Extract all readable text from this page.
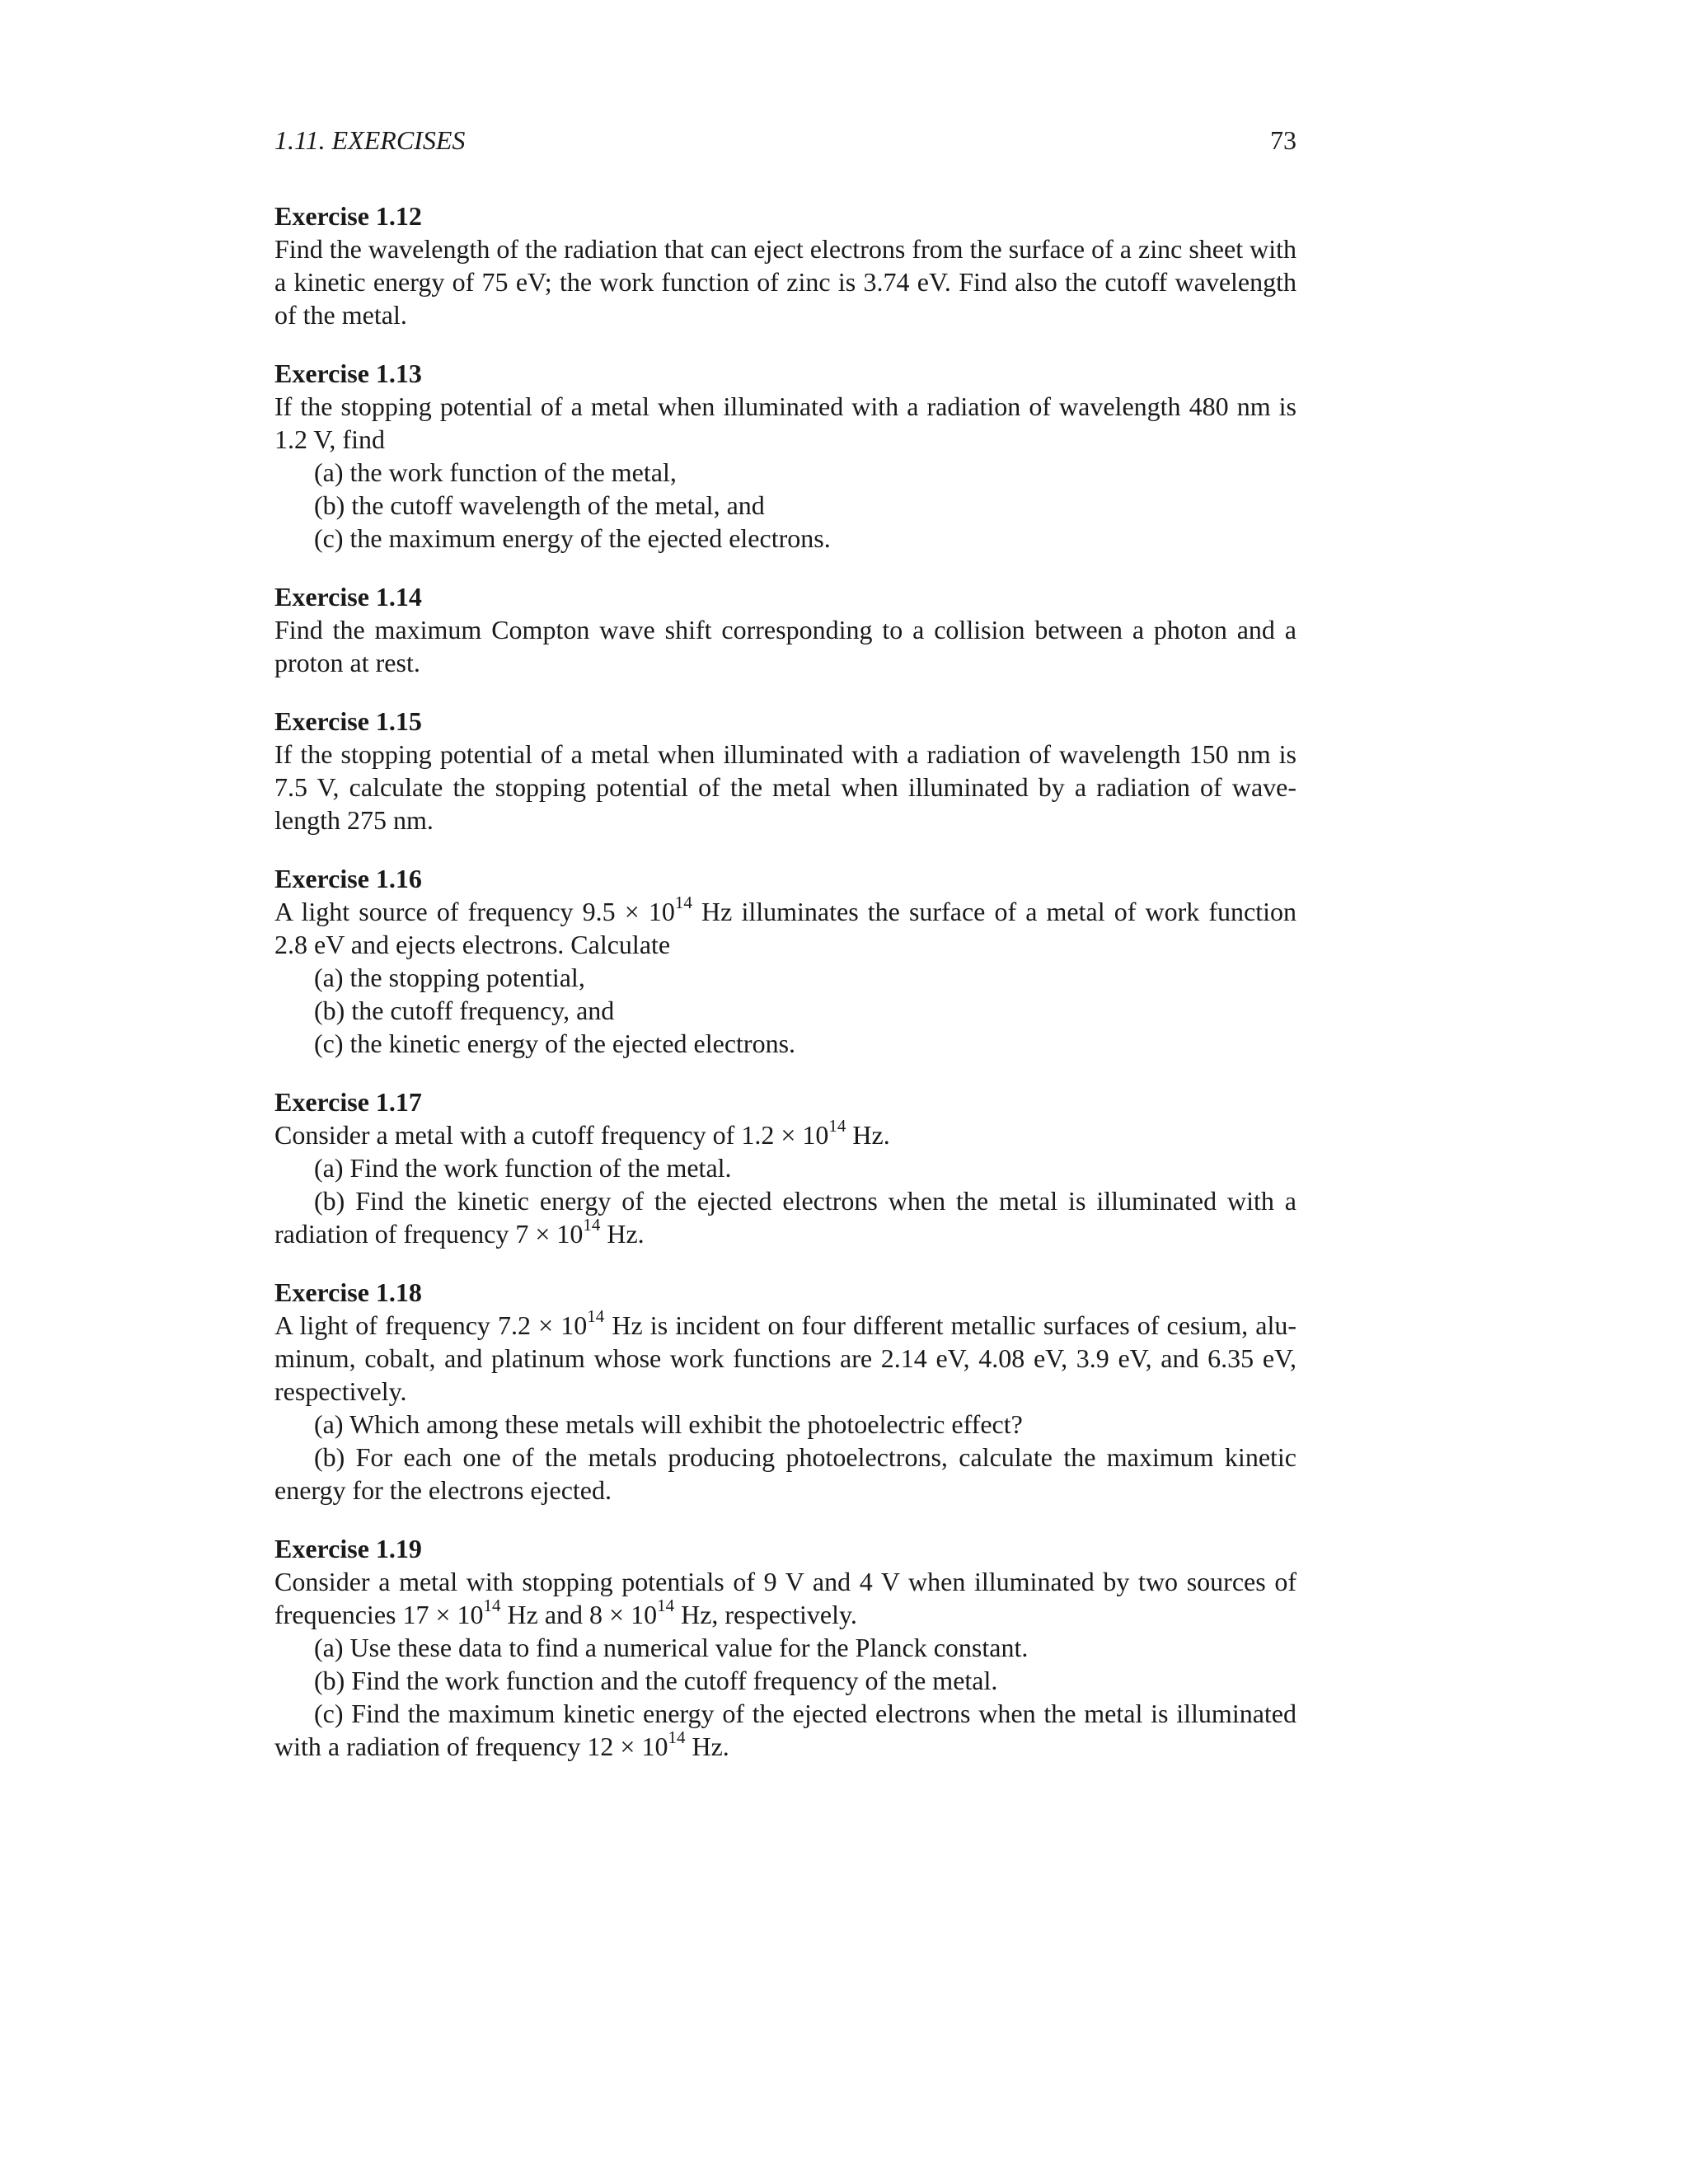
1.11. EXERCISES	73
Exercise 1.12
Find the wavelength of the radiation that can eject electrons from the surface of a zinc sheet with
a kinetic energy of 75 eV; the work function of zinc is 3.74 eV. Find also the cutoff wavelength
of the metal.
Exercise 1.13
If the stopping potential of a metal when illuminated with a radiation of wavelength 480 nm is
1.2 V, find
(a) the work function of the metal,
(b) the cutoff wavelength of the metal, and
(c) the maximum energy of the ejected electrons.
Exercise 1.14
Find the maximum Compton wave shift corresponding to a collision between a photon and a
proton at rest.
Exercise 1.15
If the stopping potential of a metal when illuminated with a radiation of wavelength 150 nm is
7.5 V, calculate the stopping potential of the metal when illuminated by a radiation of wave-
length 275 nm.
Exercise 1.16
A light source of frequency $9.5 \times 10^{14}$ Hz illuminates the surface of a metal of work function
2.8 eV and ejects electrons. Calculate
(a) the stopping potential,
(b) the cutoff frequency, and
(c) the kinetic energy of the ejected electrons.
Exercise 1.17
Consider a metal with a cutoff frequency of $1.2 \times 10^{14}$ Hz.
(a) Find the work function of the metal.
(b) Find the kinetic energy of the ejected electrons when the metal is illuminated with a
radiation of frequency $7 \times 10^{14}$ Hz.
Exercise 1.18
A light of frequency $7.2 \times 10^{14}$ Hz is incident on four different metallic surfaces of cesium, alu-
minum, cobalt, and platinum whose work functions are 2.14 eV, 4.08 eV, 3.9 eV, and 6.35 eV,
respectively.
(a) Which among these metals will exhibit the photoelectric effect?
(b) For each one of the metals producing photoelectrons, calculate the maximum kinetic
energy for the electrons ejected.
Exercise 1.19
Consider a metal with stopping potentials of 9 V and 4 V when illuminated by two sources of
frequencies $17 \times 10^{14}$ Hz and $8 \times 10^{14}$ Hz, respectively.
(a) Use these data to find a numerical value for the Planck constant.
(b) Find the work function and the cutoff frequency of the metal.
(c) Find the maximum kinetic energy of the ejected electrons when the metal is illuminated
with a radiation of frequency $12 \times 10^{14}$ Hz.
